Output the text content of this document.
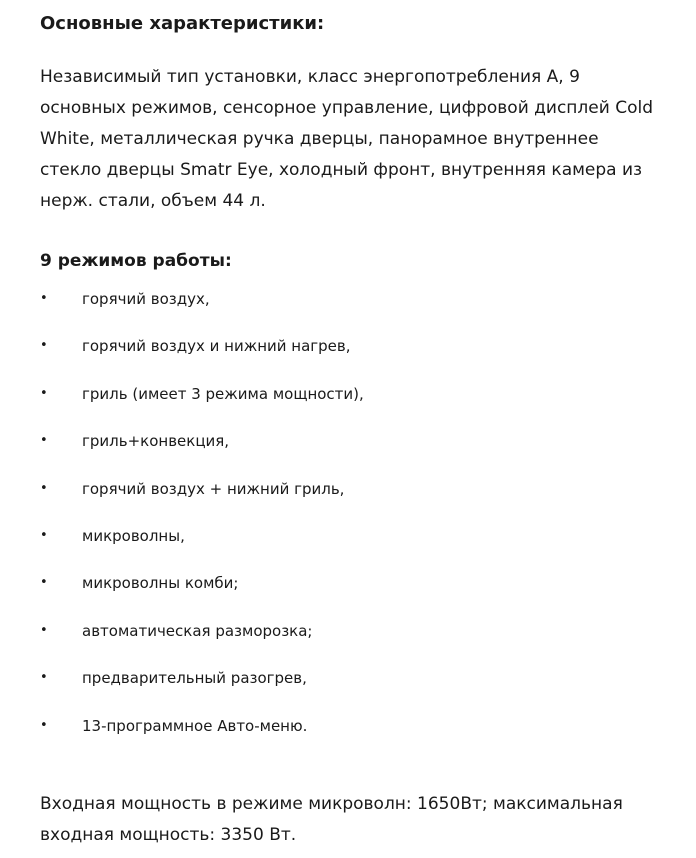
Основные характеристики:

Независимый тип установки, класс энергопотребления А, 9 основных режимов, сенсорное управление, цифровой дисплей Cold White, металлическая ручка дверцы, панорамное внутреннее стекло дверцы Smatr Eye, холодный фронт, внутренняя камера из нерж. стали, объем 44 л.

9 режимов работы:

• горячий воздух,
• горячий воздух и нижний нагрев,
• гриль (имеет 3 режима мощности),
• гриль+конвекция,
• горячий воздух + нижний гриль,
• микроволны,
• микроволны комби;
• автоматическая разморозка;
• предварительный разогрев,
• 13-программное Авто-меню.

Входная мощность в режиме микроволн: 1650Вт; максимальная входная мощность: 3350 Вт.
